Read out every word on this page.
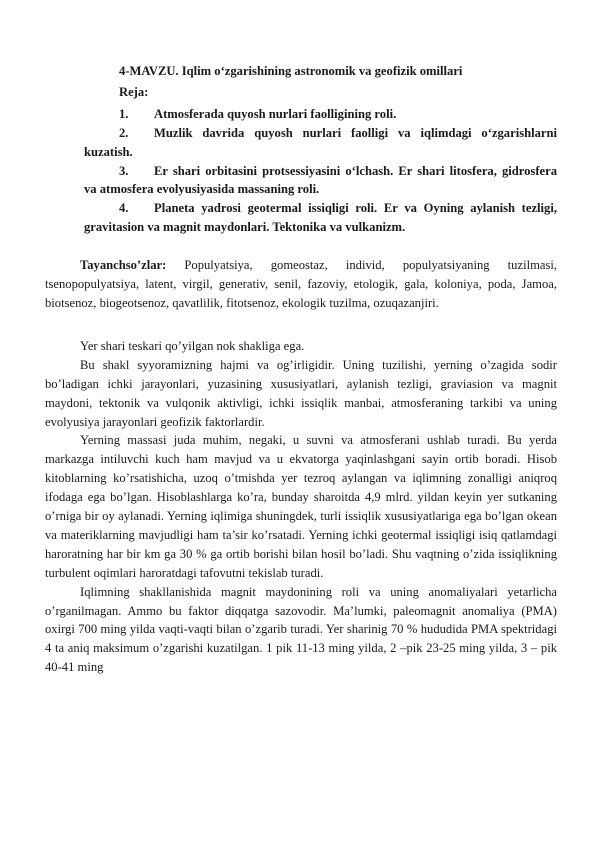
4-MAVZU. Iqlim o‘zgarishining astronomik va geofizik omillari

Reja:

1. Atmosferada quyosh nurlari faolligining roli.

2. Muzlik davrida quyosh nurlari faolligi va iqlimdagi o‘zgarishlarni kuzatish.

3. Er shari orbitasini protsessiyasini o‘lchash. Er shari litosfera, gidrosfera va atmosfera evolyusiyasida massaning roli.

4. Planeta yadrosi geotermal issiqligi roli. Er va Oyning aylanish tezligi, gravitasion va magnit maydonlari. Tektonika va vulkanizm.

Tayanchso’zlar: Populyatsiya, gomeostaz, individ, populyatsiyaning tuzilmasi, tsenopopulyatsiya, latent, virgil, generativ, senil, fazoviy, etologik, gala, koloniya, poda, Jamoa, biotsenoz, biogeotsenoz, qavatlilik, fitotsenoz, ekologik tuzilma, ozuqazanjiri.

Yer shari teskari qo’yilgan nok shakliga ega.

Bu shakl syyoramizning hajmi va og’irligidir. Uning tuzilishi, yerning o’zagida sodir bo’ladigan ichki jarayonlari, yuzasining xususiyatlari, aylanish tezligi, graviasion va magnit maydoni, tektonik va vulqonik aktivligi, ichki issiqlik manbai, atmosferaning tarkibi va uning evolyusiya jarayonlari geofizik faktorlardir.

Yerning massasi juda muhim, negaki, u suvni va atmosferani ushlab turadi. Bu yerda markazga intiluvchi kuch ham mavjud va u ekvatorga yaqinlashgani sayin ortib boradi. Hisob kitoblarning ko’rsatishicha, uzoq o’tmishda yer tezroq aylangan va iqlimning zonalligi aniqroq ifodaga ega bo’lgan. Hisoblashlarga ko’ra, bunday sharoitda 4,9 mlrd. yildan keyin yer sutkaning o’rniga bir oy aylanadi. Yerning iqlimiga shuningdek, turli issiqlik xususiyatlariga ega bo’lgan okean va materiklarning mavjudligi ham ta’sir ko’rsatadi. Yerning ichki geotermal issiqligi isiq qatlamdagi haroratning har bir km ga 30 % ga ortib borishi bilan hosil bo’ladi. Shu vaqtning o’zida issiqlikning turbulent oqimlari haroratdagi tafovutni tekislab turadi.

Iqlimning shakllanishida magnit maydonining roli va uning anomaliyalari yetarlicha o’rganilmagan. Ammo bu faktor diqqatga sazovodir. Ma’lumki, paleomagnit anomaliya (PMA) oxirgi 700 ming yilda vaqti-vaqti bilan o’zgarib turadi. Yer sharinig 70 % hududida PMA spektridagi 4 ta aniq maksimum o’zgarishi kuzatilgan. 1 pik 11-13 ming yilda, 2 –pik 23-25 ming yilda, 3 – pik 40-41 ming
